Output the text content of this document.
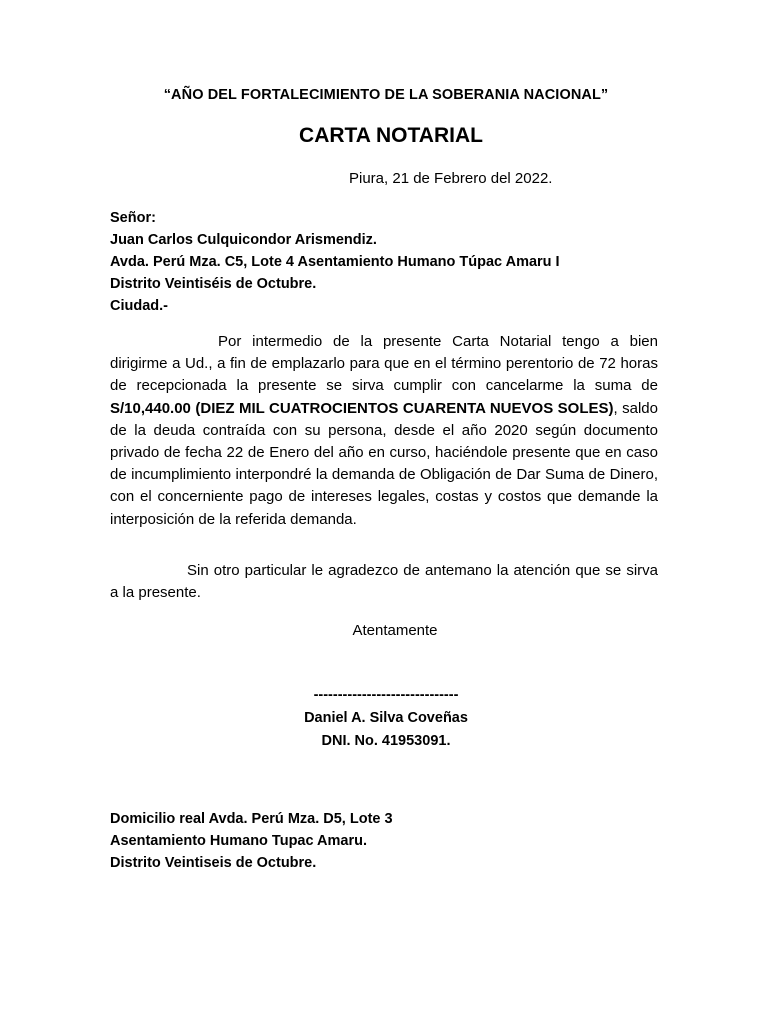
“AÑO DEL FORTALECIMIENTO DE LA SOBERANIA NACIONAL”
CARTA NOTARIAL
Piura, 21 de Febrero del 2022.
Señor:
Juan Carlos Culquicondor Arismendiz.
Avda. Perú Mza. C5, Lote 4 Asentamiento Humano Túpac Amaru I
Distrito Veintiséis de Octubre.
Ciudad.-
Por intermedio de la presente Carta Notarial tengo a bien dirigirme a Ud., a fin de emplazarlo para que en el término perentorio de 72 horas de recepcionada la presente se sirva cumplir con cancelarme la suma de S/10,440.00 (DIEZ MIL CUATROCIENTOS CUARENTA NUEVOS SOLES), saldo de la deuda contraída con su persona, desde el año 2020 según documento privado de fecha 22 de Enero del año en curso, haciéndole presente que en caso de incumplimiento interpondré la demanda de Obligación de Dar Suma de Dinero, con el concerniente pago de intereses legales, costas y costos que demande la interposición de la referida demanda.
Sin otro particular le agradezco de antemano la atención que se sirva a la presente.
Atentamente
------------------------------
Daniel A. Silva Coveñas
DNI. No. 41953091.
Domicilio real Avda. Perú Mza. D5, Lote 3
Asentamiento Humano Tupac Amaru.
Distrito Veintiseis de Octubre.
